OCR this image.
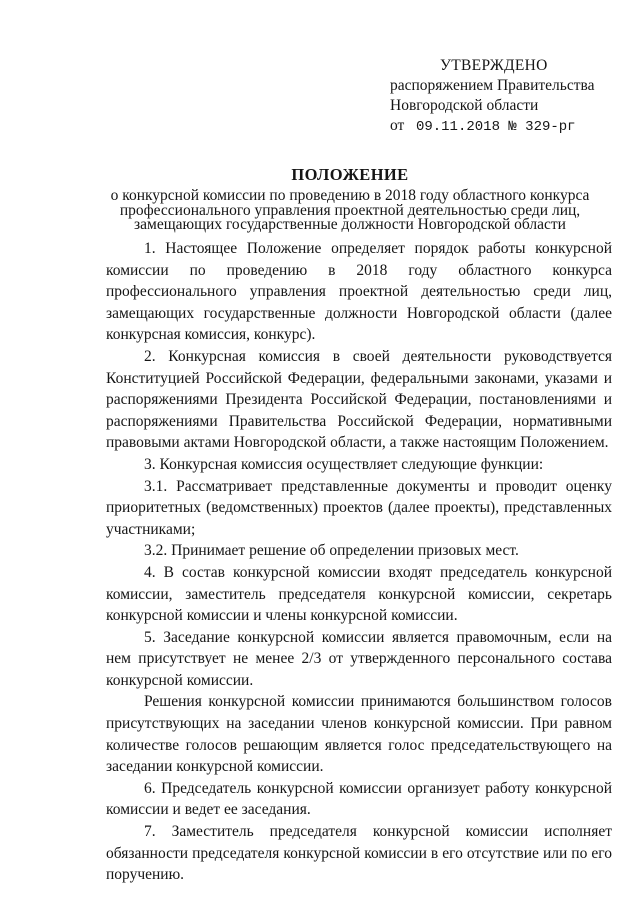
УТВЕРЖДЕНО
распоряжением Правительства
Новгородской области
от 09.11.2018 № 329-рг
ПОЛОЖЕНИЕ
о конкурсной комиссии по проведению в 2018 году областного конкурса
профессионального управления проектной деятельностью среди лиц,
замещающих государственные должности Новгородской области

1. Настоящее Положение определяет порядок работы конкурсной комиссии по проведению в 2018 году областного конкурса профессионального управления проектной деятельностью среди лиц, замещающих государственные должности Новгородской области (далее конкурсная комиссия, конкурс).

2. Конкурсная комиссия в своей деятельности руководствуется Конституцией Российской Федерации, федеральными законами, указами и распоряжениями Президента Российской Федерации, постановлениями и распоряжениями Правительства Российской Федерации, нормативными правовыми актами Новгородской области, а также настоящим Положением.

3. Конкурсная комиссия осуществляет следующие функции:

3.1. Рассматривает представленные документы и проводит оценку приоритетных (ведомственных) проектов (далее проекты), представленных участниками;

3.2. Принимает решение об определении призовых мест.

4. В состав конкурсной комиссии входят председатель конкурсной комиссии, заместитель председателя конкурсной комиссии, секретарь конкурсной комиссии и члены конкурсной комиссии.

5. Заседание конкурсной комиссии является правомочным, если на нем присутствует не менее 2/3 от утвержденного персонального состава конкурсной комиссии.

Решения конкурсной комиссии принимаются большинством голосов присутствующих на заседании членов конкурсной комиссии. При равном количестве голосов решающим является голос председательствующего на заседании конкурсной комиссии.

6. Председатель конкурсной комиссии организует работу конкурсной комиссии и ведет ее заседания.

7. Заместитель председателя конкурсной комиссии исполняет обязанности председателя конкурсной комиссии в его отсутствие или по его поручению.
